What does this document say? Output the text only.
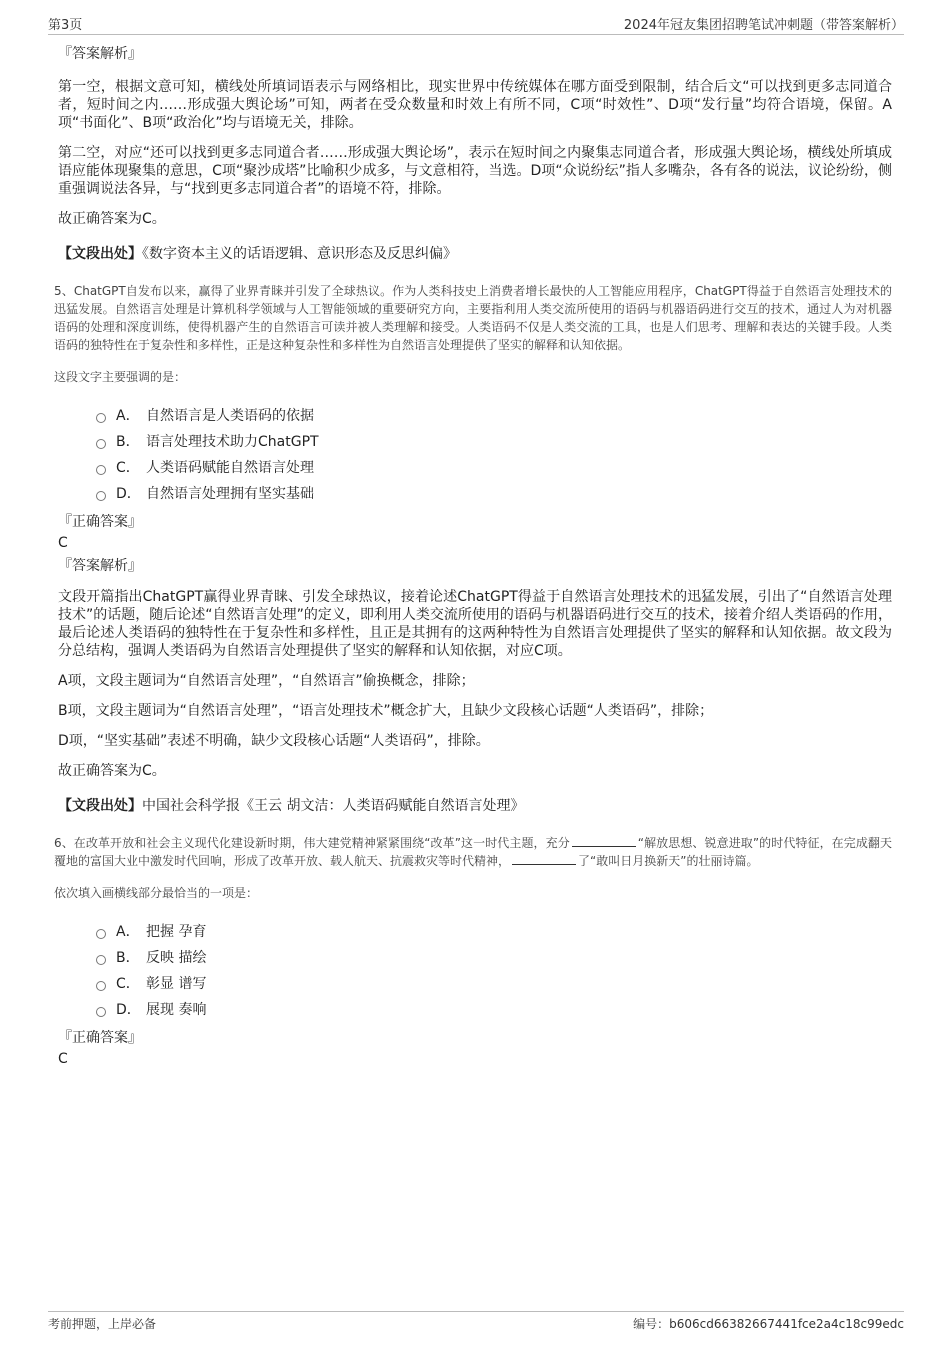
第3页	2024年冠友集团招聘笔试冲刺题（带答案解析）
『答案解析』

第一空，根据文意可知，横线处所填词语表示与网络相比，现实世界中传统媒体在哪方面受到限制，结合后文“可以找到更多志同道合者，短时间之内……形成强大舆论场”可知，两者在受众数量和时效上有所不同，C项“时效性”、D项“发行量”均符合语境，保留。A项“书面化”、B项“政治化”均与语境无关，排除。

第二空，对应“还可以找到更多志同道合者……形成强大舆论场”，表示在短时间之内聚集志同道合者，形成强大舆论场，横线处所填成语应能体现聚集的意思，C项“聚沙成塔”比喻积少成多，与文意相符，当选。D项“众说纷纭”指人多嘴杂，各有各的说法，议论纷纷，侧重强调说法各异，与“找到更多志同道合者”的语境不符，排除。

故正确答案为C。

【文段出处】《数字资本主义的话语逻辑、意识形态及反思纠偏》

5、ChatGPT自发布以来，赢得了业界青睐并引发了全球热议。作为人类科技史上消费者增长最快的人工智能应用程序，ChatGPT得益于自然语言处理技术的迅猛发展。自然语言处理是计算机科学领域与人工智能领域的重要研究方向，主要指利用人类交流所使用的语码与机器语码进行交互的技术，通过人为对机器语码的处理和深度训练，使得机器产生的自然语言可读并被人类理解和接受。人类语码不仅是人类交流的工具，也是人们思考、理解和表达的关键手段。人类语码的独特性在于复杂性和多样性，正是这种复杂性和多样性为自然语言处理提供了坚实的解释和认知依据。

这段文字主要强调的是：

A． 自然语言是人类语码的依据
B． 语言处理技术助力ChatGPT
C． 人类语码赋能自然语言处理
D． 自然语言处理拥有坚实基础
『正确答案』
C
『答案解析』

文段开篇指出ChatGPT赢得业界青睐、引发全球热议，接着论述ChatGPT得益于自然语言处理技术的迅猛发展，引出了“自然语言处理技术”的话题，随后论述“自然语言处理”的定义，即利用人类交流所使用的语码与机器语码进行交互的技术，接着介绍人类语码的作用，最后论述人类语码的独特性在于复杂性和多样性，且正是其拥有的这两种特性为自然语言处理提供了坚实的解释和认知依据。故文段为分总结构，强调人类语码为自然语言处理提供了坚实的解释和认知依据，对应C项。

A项，文段主题词为“自然语言处理”，“自然语言”偷换概念，排除；

B项，文段主题词为“自然语言处理”，“语言处理技术”概念扩大，且缺少文段核心话题“人类语码”，排除；

D项，“坚实基础”表述不明确，缺少文段核心话题“人类语码”，排除。

故正确答案为C。

【文段出处】中国社会科学报《王云 胡文洁：人类语码赋能自然语言处理》

6、在改革开放和社会主义现代化建设新时期，伟大建党精神紧紧围绕“改革”这一时代主题，充分	“解放思想、锐意进取”的时代特征，在完成翻天覆地的富国大业中激发时代回响，形成了改革开放、载人航天、抗震救灾等时代精神，	了“敢叫日月换新天”的壮丽诗篇。

依次填入画横线部分最恰当的一项是：

A． 把握 孕育
B． 反映 描绘
C． 彰显 谱写
D． 展现 奏响
『正确答案』
C
考前押题，上岸必备	编号：b606cd66382667441fce2a4c18c99edc
